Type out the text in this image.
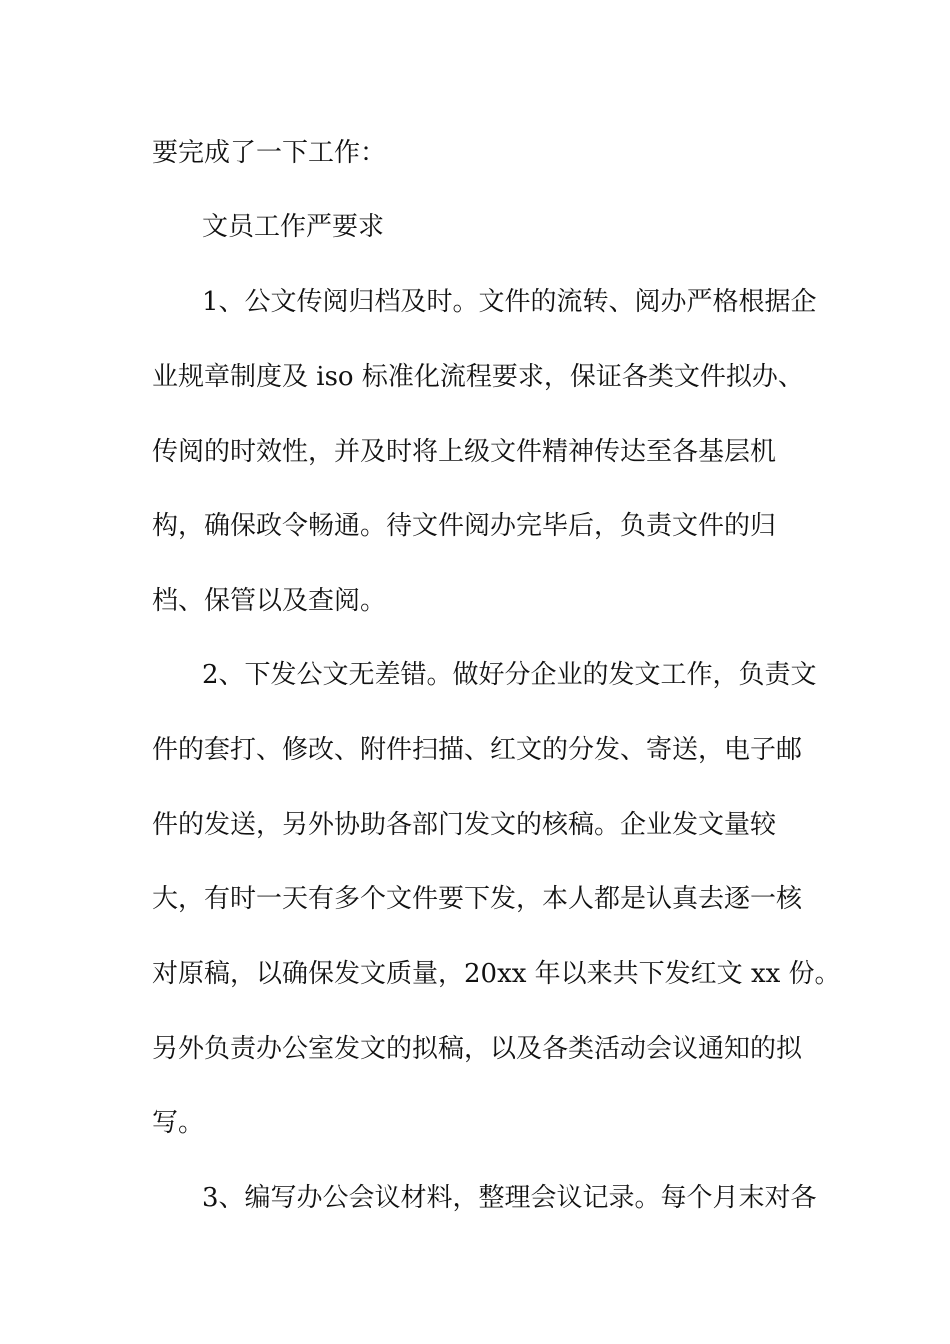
要完成了一下工作：
文员工作严要求
1、公文传阅归档及时。文件的流转、阅办严格根据企
业规章制度及 iso 标准化流程要求，保证各类文件拟办、
传阅的时效性，并及时将上级文件精神传达至各基层机
构，确保政令畅通。待文件阅办完毕后，负责文件的归
档、保管以及查阅。
2、下发公文无差错。做好分企业的发文工作，负责文
件的套打、修改、附件扫描、红文的分发、寄送，电子邮
件的发送，另外协助各部门发文的核稿。企业发文量较
大，有时一天有多个文件要下发，本人都是认真去逐一核
对原稿，以确保发文质量，20xx 年以来共下发红文 xx 份。
另外负责办公室发文的拟稿，以及各类活动会议通知的拟
写。
3、编写办公会议材料，整理会议记录。每个月末对各
